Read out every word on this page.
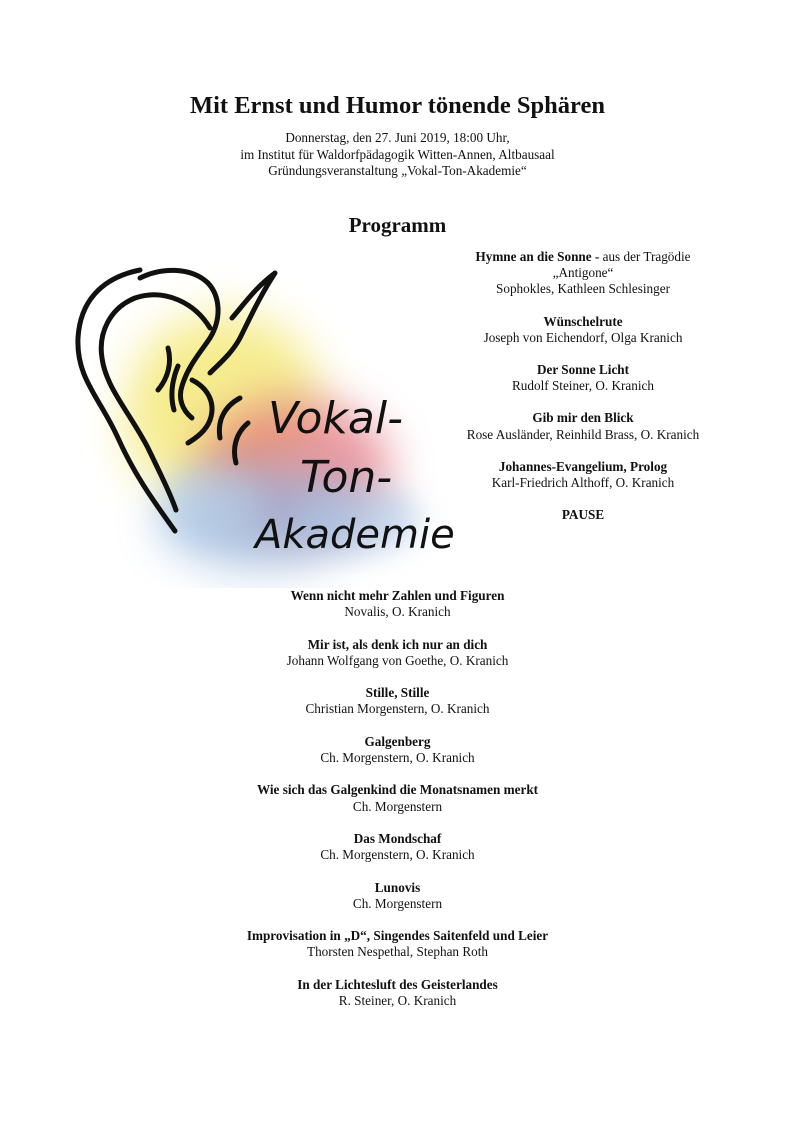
Mit Ernst und Humor tönende Sphären
Donnerstag, den 27. Juni 2019, 18:00 Uhr,
im Institut für Waldorfpädagogik Witten-Annen, Altbausaal
Gründungsveranstaltung „Vokal-Ton-Akademie“
Programm
Vokal-
Ton-
Akademie
Hymne an die Sonne - aus der Tragödie
„Antigone“
Sophokles, Kathleen Schlesinger
Wünschelrute
Joseph von Eichendorf, Olga Kranich
Der Sonne Licht
Rudolf Steiner, O. Kranich
Gib mir den Blick
Rose Ausländer, Reinhild Brass, O. Kranich
Johannes-Evangelium, Prolog
Karl-Friedrich Althoff, O. Kranich
PAUSE
Wenn nicht mehr Zahlen und Figuren
Novalis, O. Kranich
Mir ist, als denk ich nur an dich
Johann Wolfgang von Goethe, O. Kranich
Stille, Stille
Christian Morgenstern, O. Kranich
Galgenberg
Ch. Morgenstern, O. Kranich
Wie sich das Galgenkind die Monatsnamen merkt
Ch. Morgenstern
Das Mondschaf
Ch. Morgenstern, O. Kranich
Lunovis
Ch. Morgenstern
Improvisation in „D“, Singendes Saitenfeld und Leier
Thorsten Nespethal, Stephan Roth
In der Lichtesluft des Geisterlandes
R. Steiner, O. Kranich
